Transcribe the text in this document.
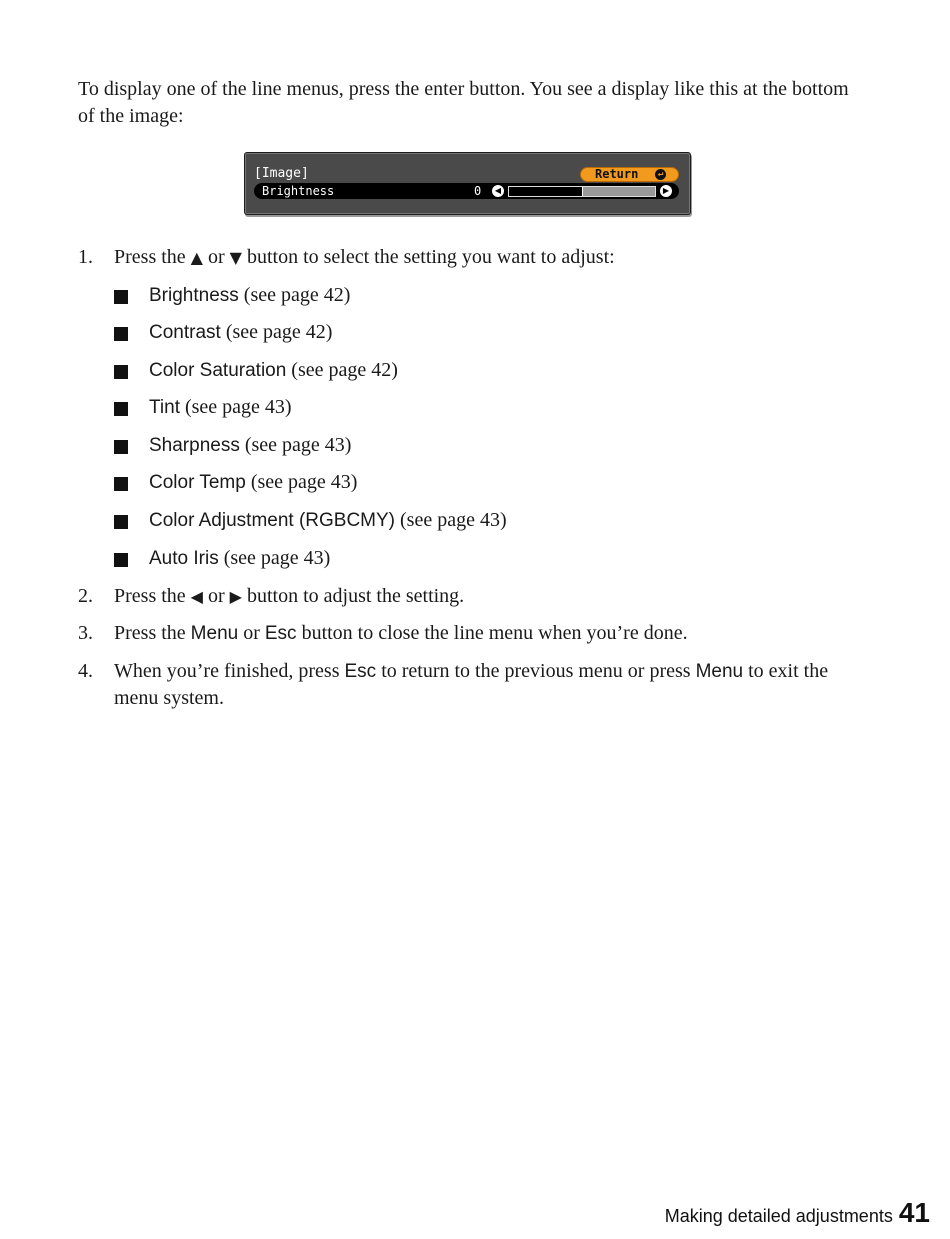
To display one of the line menus, press the enter button. You see a display like this at the bottom of the image:

[Image]	Return	↵
Brightness	0	◀	▶
1. Press the ▲ or ▼ button to select the setting you want to adjust:
Brightness (see page 42)
Contrast (see page 42)
Color Saturation (see page 42)
Tint (see page 43)
Sharpness (see page 43)
Color Temp (see page 43)
Color Adjustment (RGBCMY) (see page 43)
Auto Iris (see page 43)
2. Press the ◀ or ▶ button to adjust the setting.
3. Press the Menu or Esc button to close the line menu when you’re done.
4. When you’re finished, press Esc to return to the previous menu or press Menu to exit the menu system.
Making detailed adjustments 41
